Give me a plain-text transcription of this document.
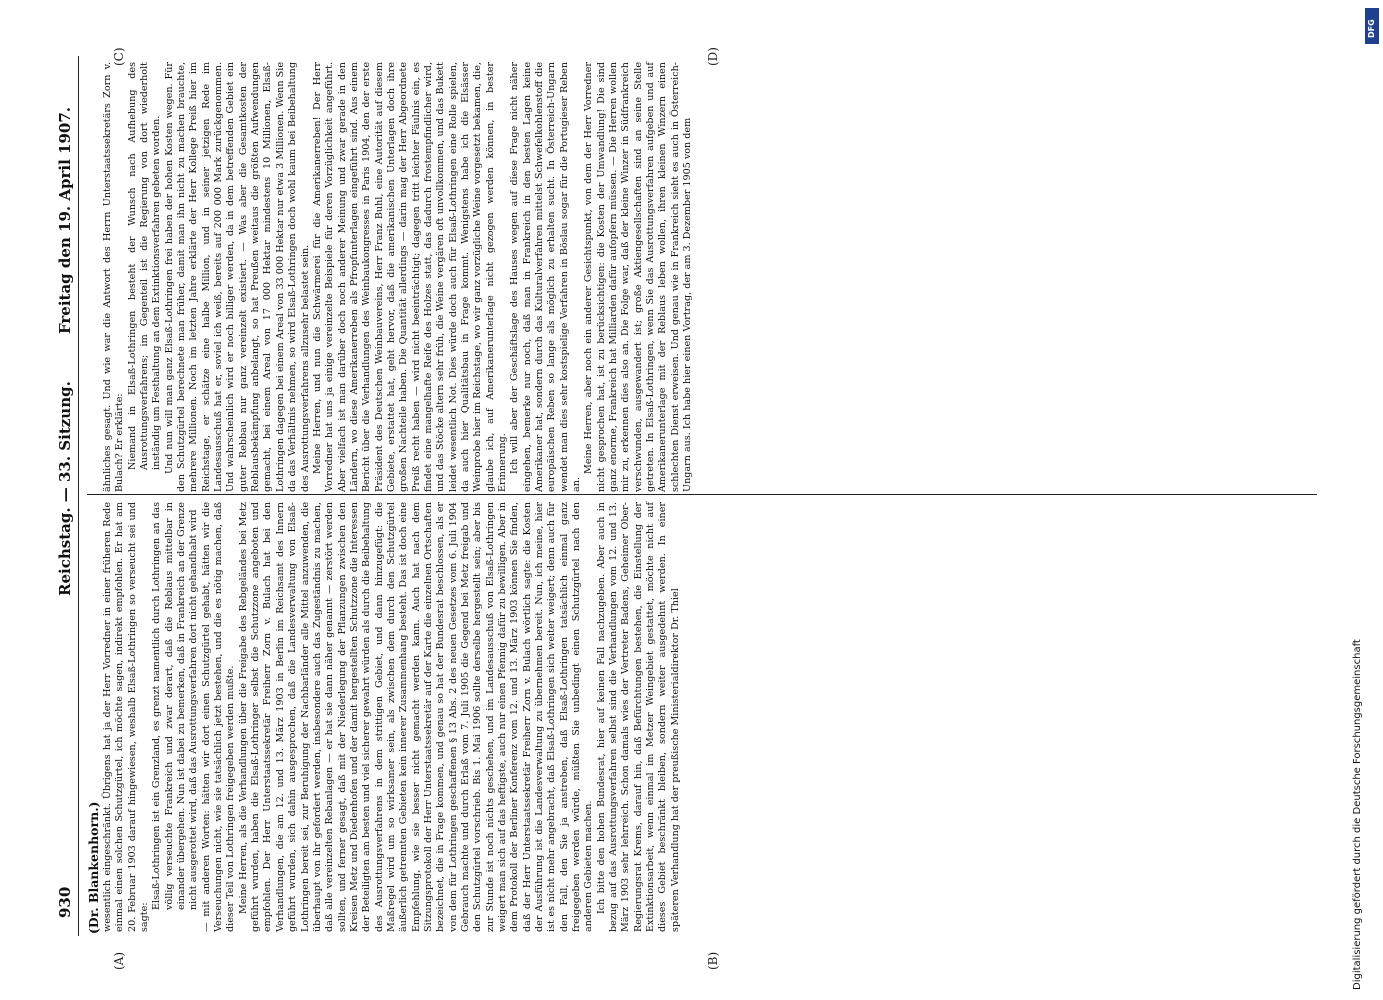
930
Reichstag. — 33. Sitzung.
Freitag den 19. April 1907.
(Dr. Blankenhorn.)
(A)	(B)
(C)	(D)

wesentlich eingeschränkt. Übrigens hat ja der Herr Vorredner in einer früheren Rede einmal einen solchen Schutzgürtel, ich möchte sagen, indirekt empfohlen. Er hat am 20. Februar 1903 darauf hingewiesen, weshalb Elsaß-Lothringen so verseucht sei und sagte:

Elsaß-Lothringen ist ein Grenzland, es grenzt namentlich durch Lothringen an das völlig verseuchte Frankreich und zwar derart, daß die Reblaus mittelbar in einander übergehen. Nun ist dabei zu bemerken, daß in Frankreich an der Grenze nicht ausgerottet wird, daß das Ausrottungsverfahren dort nicht gehandhabt wird — mit anderen Worten: hätten wir dort einen Schutzgürtel gehabt, hätten wir die Verseuchungen nicht, wie sie tatsächlich jetzt bestehen, und die es nötig machen, daß dieser Teil von Lothringen freigegeben werden mußte. Meine Herren, als die Verhandlungen über die Freigabe des Rebgeländes bei Metz geführt wurden, haben die Elsaß-Lothringer selbst die Schutzzone angeboten und empfohlen. Der Herr Unterstaatssekretär Freiherr Zorn v. Bulach hat bei den Verhandlungen, die am 12. und 13. März 1903 in Berlin im Reichsamt des Innern geführt wurden, sich dahin ausgesprochen, daß die Landesverwaltung von Elsaß-Lothringen bereit sei, zur Beruhigung der Nachbarländer alle Mittel anzuwenden, die überhaupt von ihr gefordert werden, insbesondere auch das Zugeständnis zu machen, daß alle vereinzelten Rebanlagen — er hat sie dann näher genannt — zerstört werden sollten, und ferner gesagt, daß mit der Niederlegung der Pflanzungen zwischen den Kreisen Metz und Diedenhofen und der damit hergestellten Schutzzone die Interessen der Beteiligten am besten und viel sicherer gewahrt würden als durch die Beibehaltung des Ausrottungsverfahrens in dem strittigen Gebiet, und dann hinzugefügt: die Maßregel wird um so wirksamer sein, als zwischen dem durch den Schutzgürtel äußerlich getrennten Gebieten kein innerer Zusammenhang besteht. Das ist doch eine Empfehlung, wie sie besser nicht gemacht werden kann. Auch hat nach dem Sitzungsprotokoll der Herr Unterstaatssekretär auf der Karte die einzelnen Ortschaften bezeichnet, die in Frage kommen, und genau so hat der Bundesrat beschlossen, als er von dem für Lothringen geschaffenen § 13 Abs. 2 des neuen Gesetzes vom 6. Juli 1904 Gebrauch machte und durch Erlaß vom 7. Juli 1905 die Gegend bei Metz freigab und den Schutzgürtel vorschrieb. Bis 1. Mai 1906 sollte derselbe hergestellt sein; aber bis zur Stunde ist noch nichts geschehen, und im Landesausschuß von Elsaß-Lothringen weigert man sich auf das heftigste, auch nur einen Pfennig dafür zu bewilligen. Aber in dem Protokoll der Berliner Konferenz vom 12. und 13. März 1903 können Sie finden, daß der Herr Unterstaatssekretär Freiherr Zorn v. Bulach wörtlich sagte: die Kosten der Ausführung ist die Landesverwaltung zu übernehmen bereit. Nun, ich meine, hier ist es nicht mehr angebracht, daß Elsaß-Lothringen sich weiter weigert; denn auch für den Fall, den Sie ja anstreben, daß Elsaß-Lothringen tatsächlich einmal ganz freigegeben werden würde, müßten Sie unbedingt einen Schutzgürtel nach den anderen Gebieten machen. Ich bitte den hohen Bundesrat, hier auf keinen Fall nachzugeben. Aber auch in bezug auf das Ausrottungsverfahren selbst sind die Verhandlungen vom 12. und 13. März 1903 sehr lehrreich. Schon damals wies der Vertreter Badens, Geheimer Ober-Regierungsrat Krems, darauf hin, daß Befürchtungen bestehen, die Einstellung der Extinktionsarbeit, wenn einmal im Metzer Weingebiet gestattet, möchte nicht auf dieses Gebiet beschränkt bleiben, sondern weiter ausgedehnt werden. In einer späteren Verhandlung hat der preußische Ministerialdirektor Dr. Thiel

ähnliches gesagt. Und wie war die Antwort des Herrn Unterstaatssekretärs Zorn v. Bulach? Er erklärte: Niemand in Elsaß-Lothringen besteht der Wunsch nach Aufhebung des Ausrottungsverfahrens; im Gegenteil ist die Regierung von dort wiederholt inständig um Festhaltung an dem Extinktionsverfahren gebeten worden. Und nun will man ganz Elsaß-Lothringen frei haben der hohen Kosten wegen. Für den Schutzgürtel berechnete man früher, damit man ihn nicht zu machen brauchte, mehrere Millionen. Noch im letzten Jahre erklärte der Herr Kollege Preiß hier im Reichstage, er schätze eine halbe Million, und in seiner jetzigen Rede im Landesausschuß hat er, soviel ich weiß, bereits auf 200 000 Mark zurückgenommen. Und wahrscheinlich wird er noch billiger werden, da in dem betreffenden Gebiet ein guter Rebbau nur ganz vereinzelt existiert. — Was aber die Gesamtkosten der Reblausbekämpfung anbelangt, so hat Preußen weitaus die größten Aufwendungen gemacht, bei einem Areal von 17 000 Hektar mindestens 10 Millionen, Elsaß-Lothringen dagegen bei einem Areal von 33 000 Hektar nur etwa 3 Millionen. Wenn Sie da das Verhältnis nehmen, so wird Elsaß-Lothringen doch wohl kaum bei Beibehaltung des Ausrottungsverfahrens allzusehr belastet sein. Meine Herren, und nun die Schwärmerei für die Amerikanerreben! Der Herr Vorredner hat uns ja einige vereinzelte Beispiele für deren Vorzüglichkeit angeführt. Aber vielfach ist man darüber doch noch anderer Meinung und zwar gerade in den Ländern, wo diese Amerikanerreben als Pfropfunterlagen eingeführt sind. Aus einem Bericht über die Verhandlungen des Weinbaukongresses in Paris 1904, den der erste Präsident des Deutschen Weinbauvereins, Herr Franz Buhl, eine Autorität auf diesem Gebiete, erstattet hat, geht hervor, daß die amerikanischen Unterlagen doch ihre großen Nachteile haben. Die Quantität allerdings — darin mag der Herr Abgeordnete Preiß recht haben — wird nicht beeinträchtigt; dagegen tritt leichter Fäulnis ein, es findet eine mangelhafte Reife des Holzes statt, das dadurch frostempfindlicher wird, und das Stöcke altern sehr früh, die Weine vergären oft unvollkommen, und das Bukett leidet wesentlich Not. Dies würde doch auch für Elsaß-Lothringen eine Rolle spielen, da auch hier Qualitätsbau in Frage kommt. Wenigstens habe ich die Elsässer Weinprobe hier im Reichstage, wo wir ganz vorzügliche Weine vorgesetzt bekamen, die, glaube ich, auf Amerikanerunterlage nicht gezogen werden können, in bester Erinnerung. Ich will aber der Geschäftslage des Hauses wegen auf diese Frage nicht näher eingehen, bemerke nur noch, daß man in Frankreich in den besten Lagen keine Amerikaner hat, sondern durch das Kulturalverfahren mittelst Schwefelkohlenstoff die europäischen Reben so lange als möglich zu erhalten sucht. In Österreich-Ungarn wendet man dies sehr kostspielige Verfahren in Böslau sogar für die Portugieser Reben an.

Meine Herren, aber noch ein anderer Gesichtspunkt, von dem der Herr Vorredner nicht gesprochen hat, ist zu berücksichtigen: die Kosten der Umwandlung! Die sind ganz enorme, Frankreich hat Milliarden dafür aufopfern müssen. — Die Herren wollen mir zu, erkennen dies also an. Die Folge war, daß der kleine Winzer in Südfrankreich verschwunden, ausgewandert ist; große Aktiengesellschaften sind an seine Stelle getreten. In Elsaß-Lothringen, wenn Sie das Ausrottungsverfahren aufgeben und auf Amerikanerunterlage mit der Reblaus leben wollen, ihren kleinen Winzern einen schlechten Dienst erweisen. Und genau wie in Frankreich sieht es auch in Österreich-Ungarn aus. Ich habe hier einen Vortrag, der am 3. Dezember 1905 von dem

Digitalisierung gefördert durch die Deutsche Forschungsgemeinschaft
DFG
